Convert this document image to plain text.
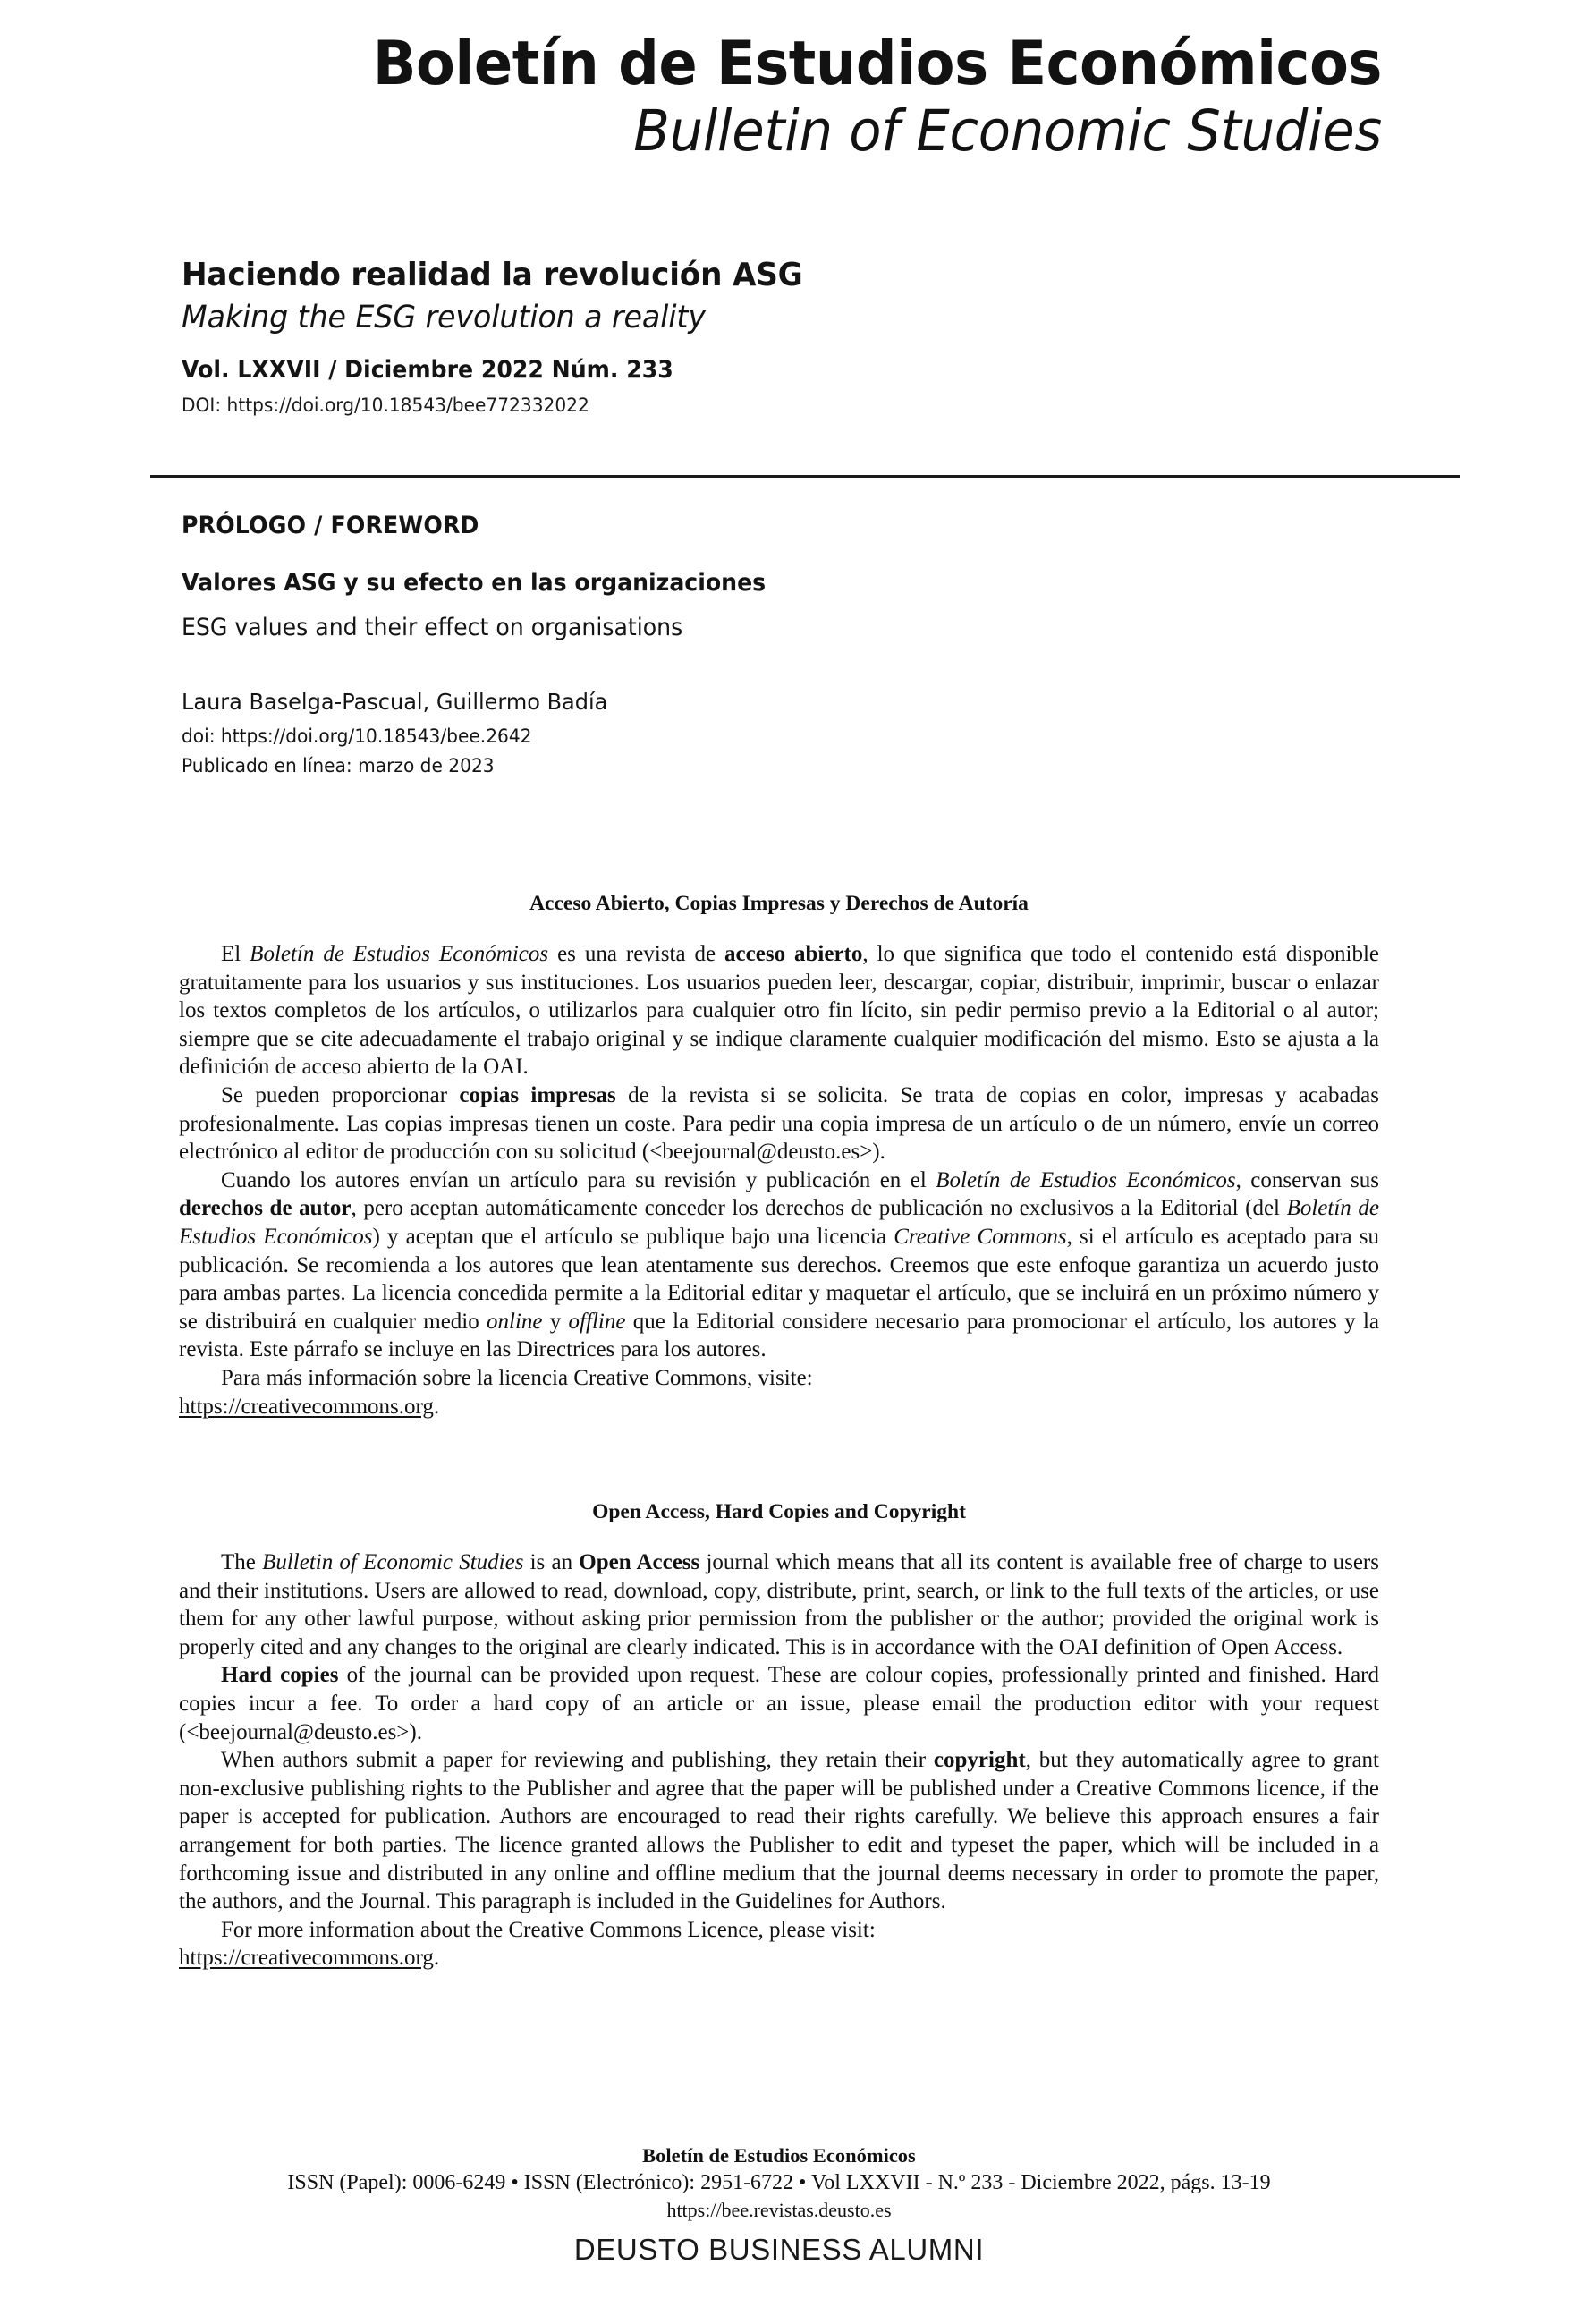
Boletín de Estudios Económicos
Bulletin of Economic Studies
Haciendo realidad la revolución ASG
Making the ESG revolution a reality
Vol. LXXVII / Diciembre 2022 Núm. 233
DOI: https://doi.org/10.18543/bee772332022
PRÓLOGO / FOREWORD
Valores ASG y su efecto en las organizaciones
ESG values and their effect on organisations
Laura Baselga-Pascual, Guillermo Badía
doi: https://doi.org/10.18543/bee.2642
Publicado en línea: marzo de 2023
Acceso Abierto, Copias Impresas y Derechos de Autoría

El Boletín de Estudios Económicos es una revista de acceso abierto, lo que significa que todo el contenido está disponible gratuitamente para los usuarios y sus instituciones. Los usuarios pueden leer, descargar, copiar, distribuir, imprimir, buscar o enlazar los textos completos de los artículos, o utilizarlos para cualquier otro fin lícito, sin pedir permiso previo a la Editorial o al autor; siempre que se cite adecuadamente el trabajo original y se indique claramente cualquier modificación del mismo. Esto se ajusta a la definición de acceso abierto de la OAI.

Se pueden proporcionar copias impresas de la revista si se solicita. Se trata de copias en color, impresas y acabadas profesionalmente. Las copias impresas tienen un coste. Para pedir una copia impresa de un artículo o de un número, envíe un correo electrónico al editor de producción con su solicitud (<beejournal@deusto.es>).

Cuando los autores envían un artículo para su revisión y publicación en el Boletín de Estudios Económicos, conservan sus derechos de autor, pero aceptan automáticamente conceder los derechos de publicación no exclusivos a la Editorial (del Boletín de Estudios Económicos) y aceptan que el artículo se publique bajo una licencia Creative Commons, si el artículo es aceptado para su publicación. Se recomienda a los autores que lean atentamente sus derechos. Creemos que este enfoque garantiza un acuerdo justo para ambas partes. La licencia concedida permite a la Editorial editar y maquetar el artículo, que se incluirá en un próximo número y se distribuirá en cualquier medio online y offline que la Editorial considere necesario para promocionar el artículo, los autores y la revista. Este párrafo se incluye en las Directrices para los autores.

Para más información sobre la licencia Creative Commons, visite:

https://creativecommons.org.

Open Access, Hard Copies and Copyright

The Bulletin of Economic Studies is an Open Access journal which means that all its content is available free of charge to users and their institutions. Users are allowed to read, download, copy, distribute, print, search, or link to the full texts of the articles, or use them for any other lawful purpose, without asking prior permission from the publisher or the author; provided the original work is properly cited and any changes to the original are clearly indicated. This is in accordance with the OAI definition of Open Access.

Hard copies of the journal can be provided upon request. These are colour copies, professionally printed and finished. Hard copies incur a fee. To order a hard copy of an article or an issue, please email the production editor with your request (<beejournal@deusto.es>).

When authors submit a paper for reviewing and publishing, they retain their copyright, but they automatically agree to grant non-exclusive publishing rights to the Publisher and agree that the paper will be published under a Creative Commons licence, if the paper is accepted for publication. Authors are encouraged to read their rights carefully. We believe this approach ensures a fair arrangement for both parties. The licence granted allows the Publisher to edit and typeset the paper, which will be included in a forthcoming issue and distributed in any online and offline medium that the journal deems necessary in order to promote the paper, the authors, and the Journal. This paragraph is included in the Guidelines for Authors.

For more information about the Creative Commons Licence, please visit:

https://creativecommons.org.

Boletín de Estudios Económicos
ISSN (Papel): 0006-6249 • ISSN (Electrónico): 2951-6722 • Vol LXXVII - N.º 233 - Diciembre 2022, págs. 13-19
https://bee.revistas.deusto.es
DEUSTO BUSINESS ALUMNI
